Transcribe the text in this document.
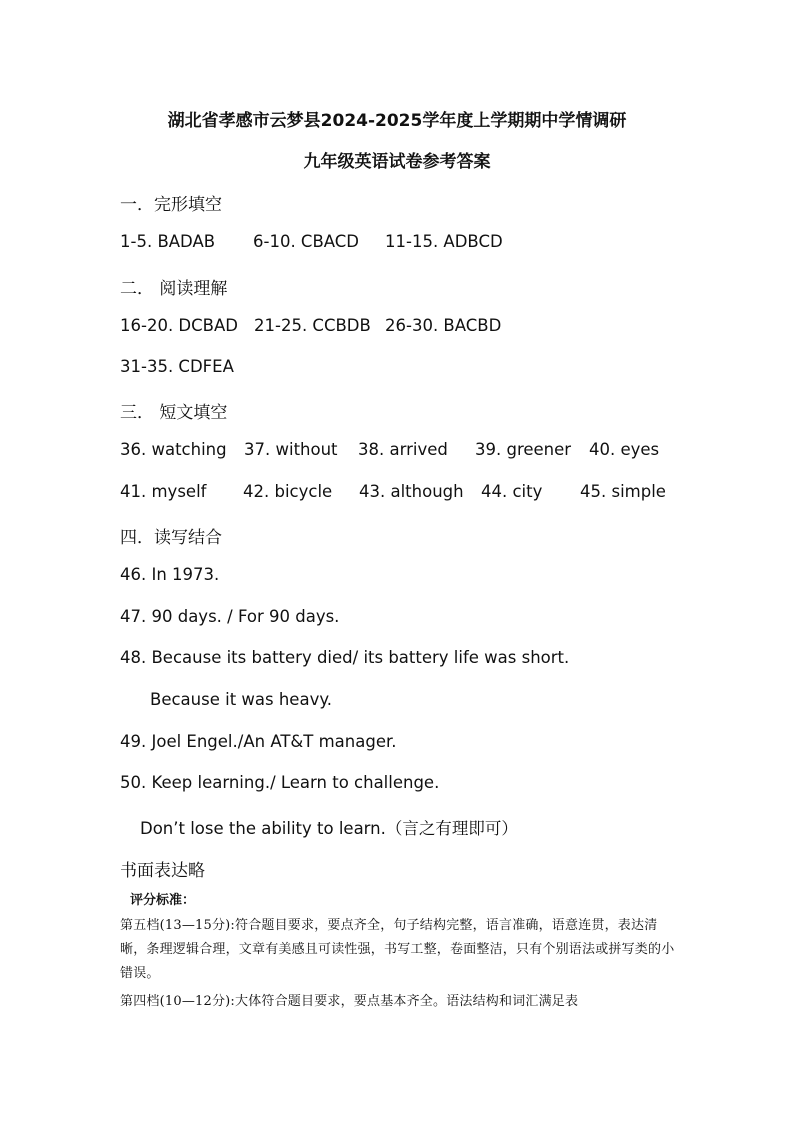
湖北省孝感市云梦县2024-2025学年度上学期期中学情调研
九年级英语试卷参考答案
一．完形填空
1-5. BADAB 6-10. CBACD 11-15. ADBCD
二． 阅读理解
16-20. DCBAD 21-25. CCBDB 26-30. BACBD
31-35. CDFEA
三． 短文填空
36. watching 37. without 38. arrived 39. greener 40. eyes
41. myself 42. bicycle 43. although 44. city 45. simple
四．读写结合
46. In 1973.
47. 90 days. / For 90 days.
48. Because its battery died/ its battery life was short.
Because it was heavy.
49. Joel Engel./An AT&T manager.
50. Keep learning./ Learn to challenge.
Don’t lose the ability to learn.（言之有理即可）
书面表达略
评分标准：
第五档(13—15分):符合题目要求，要点齐全，句子结构完整，语言准确，语意连贯，表达清晰，条理逻辑合理，文章有美感且可读性强，书写工整，卷面整洁，只有个别语法或拼写类的小错误。
第四档(10—12分):大体符合题目要求，要点基本齐全。语法结构和词汇满足表
